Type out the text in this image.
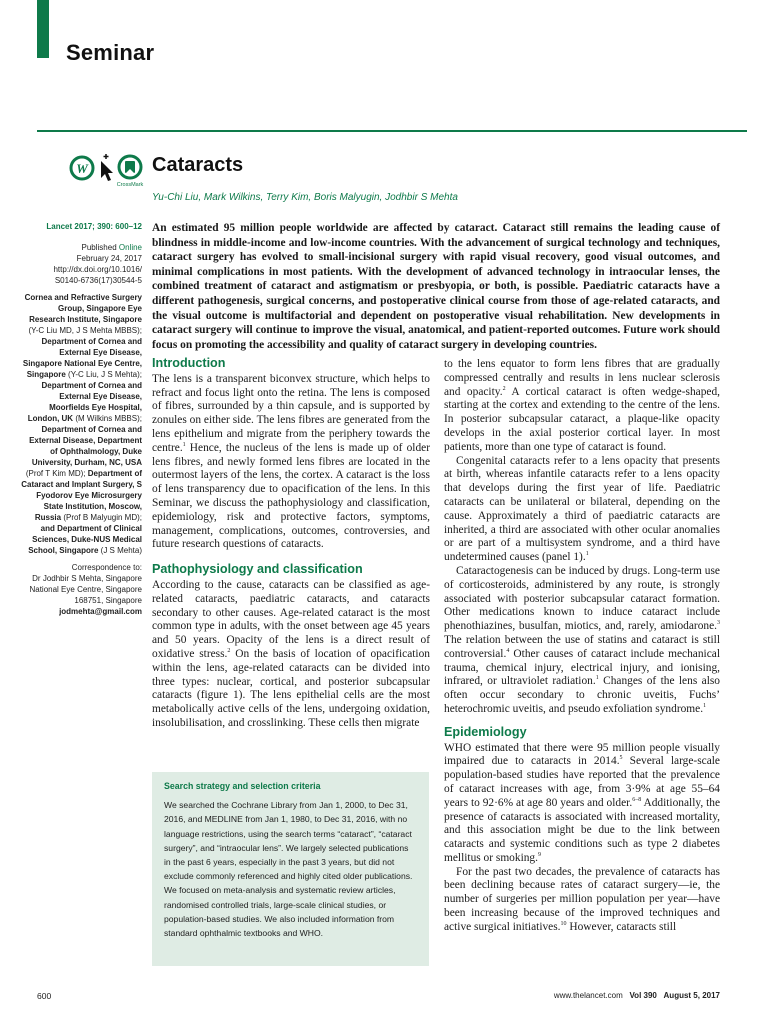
Seminar
W
CrossMark
Cataracts
Yu-Chi Liu, Mark Wilkins, Terry Kim, Boris Malyugin, Jodhbir S Mehta
Lancet 2017; 390: 600–12
Published Online
February 24, 2017
http://dx.doi.org/10.1016/
S0140-6736(17)30544-5
Cornea and Refractive Surgery Group, Singapore Eye Research Institute, Singapore (Y-C Liu MD, J S Mehta MBBS); Department of Cornea and External Eye Disease, Singapore National Eye Centre, Singapore (Y-C Liu, J S Mehta); Department of Cornea and External Eye Disease, Moorfields Eye Hospital, London, UK (M Wilkins MBBS); Department of Cornea and External Disease, Department of Ophthalmology, Duke University, Durham, NC, USA (Prof T Kim MD); Department of Cataract and Implant Surgery, S Fyodorov Eye Microsurgery State Institution, Moscow, Russia (Prof B Malyugin MD); and Department of Clinical Sciences, Duke-NUS Medical School, Singapore (J S Mehta)
Correspondence to:
Dr Jodhbir S Mehta, Singapore National Eye Centre, Singapore 168751, Singapore
jodmehta@gmail.com
An estimated 95 million people worldwide are affected by cataract. Cataract still remains the leading cause of blindness in middle-income and low-income countries. With the advancement of surgical technology and techniques, cataract surgery has evolved to small-incisional surgery with rapid visual recovery, good visual outcomes, and minimal complications in most patients. With the development of advanced technology in intraocular lenses, the combined treatment of cataract and astigmatism or presbyopia, or both, is possible. Paediatric cataracts have a different pathogenesis, surgical concerns, and postoperative clinical course from those of age-related cataracts, and the visual outcome is multifactorial and dependent on postoperative visual rehabilitation. New developments in cataract surgery will continue to improve the visual, anatomical, and patient-reported outcomes. Future work should focus on promoting the accessibility and quality of cataract surgery in developing countries.
Introduction

The lens is a transparent biconvex structure, which helps to refract and focus light onto the retina. The lens is composed of fibres, surrounded by a thin capsule, and is supported by zonules on either side. The lens fibres are generated from the lens epithelium and migrate from the periphery towards the centre.$^1$ Hence, the nucleus of the lens is made up of older lens fibres, and newly formed lens fibres are located in the outermost layers of the lens, the cortex. A cataract is the loss of lens transparency due to opacification of the lens. In this Seminar, we discuss the pathophysiology and classification, epidemiology, risk and protective factors, symptoms, management, complications, outcomes, controversies, and future research questions of cataracts.

Pathophysiology and classification

According to the cause, cataracts can be classified as age-related cataracts, paediatric cataracts, and cataracts secondary to other causes. Age-related cataract is the most common type in adults, with the onset between age 45 years and 50 years. Opacity of the lens is a direct result of oxidative stress.$^2$ On the basis of location of opacification within the lens, age-related cataracts can be divided into three types: nuclear, cortical, and posterior subcapsular cataracts (figure 1). The lens epithelial cells are the most metabolically active cells of the lens, undergoing oxidation, insolubilisation, and crosslinking. These cells then migrate

Search strategy and selection criteria
We searched the Cochrane Library from Jan 1, 2000, to Dec 31, 2016, and MEDLINE from Jan 1, 1980, to Dec 31, 2016, with no language restrictions, using the search terms “cataract”, “cataract surgery”, and “intraocular lens”. We largely selected publications in the past 6 years, especially in the past 3 years, but did not exclude commonly referenced and highly cited older publications. We focused on meta-analysis and systematic review articles, randomised controlled trials, large-scale clinical studies, or population-based studies. We also included information from standard ophthalmic textbooks and WHO.

to the lens equator to form lens fibres that are gradually compressed centrally and results in lens nuclear sclerosis and opacity.$^2$ A cortical cataract is often wedge-shaped, starting at the cortex and extending to the centre of the lens. In posterior subcapsular cataract, a plaque-like opacity develops in the axial posterior cortical layer. In most patients, more than one type of cataract is found.

Congenital cataracts refer to a lens opacity that presents at birth, whereas infantile cataracts refer to a lens opacity that develops during the first year of life. Paediatric cataracts can be unilateral or bilateral, depending on the cause. Approximately a third of paediatric cataracts are inherited, a third are associated with other ocular anomalies or are part of a multisystem syndrome, and a third have undetermined causes (panel 1).$^1$

Cataractogenesis can be induced by drugs. Long-term use of corticosteroids, administered by any route, is strongly associated with posterior subcapsular cataract formation. Other medications known to induce cataract include phenothiazines, busulfan, miotics, and, rarely, amiodarone.$^3$ The relation between the use of statins and cataract is still controversial.$^4$ Other causes of cataract include mechanical trauma, chemical injury, electrical injury, and ionising, infrared, or ultraviolet radiation.$^1$ Changes of the lens also often occur secondary to chronic uveitis, Fuchs’ heterochromic uveitis, and pseudo exfoliation syndrome.$^1$

Epidemiology

WHO estimated that there were 95 million people visually impaired due to cataracts in 2014.$^5$ Several large-scale population-based studies have reported that the prevalence of cataract increases with age, from 3·9% at age 55–64 years to 92·6% at age 80 years and older.$^{6-8}$ Additionally, the presence of cataracts is associated with increased mortality, and this association might be due to the link between cataracts and systemic conditions such as type 2 diabetes mellitus or smoking.$^9$

For the past two decades, the prevalence of cataracts has been declining because rates of cataract surgery—ie, the number of surgeries per million population per year—have been increasing because of the improved techniques and active surgical initiatives.$^{10}$ However, cataracts still

600	www.thelancet.com Vol 390 August 5, 2017
